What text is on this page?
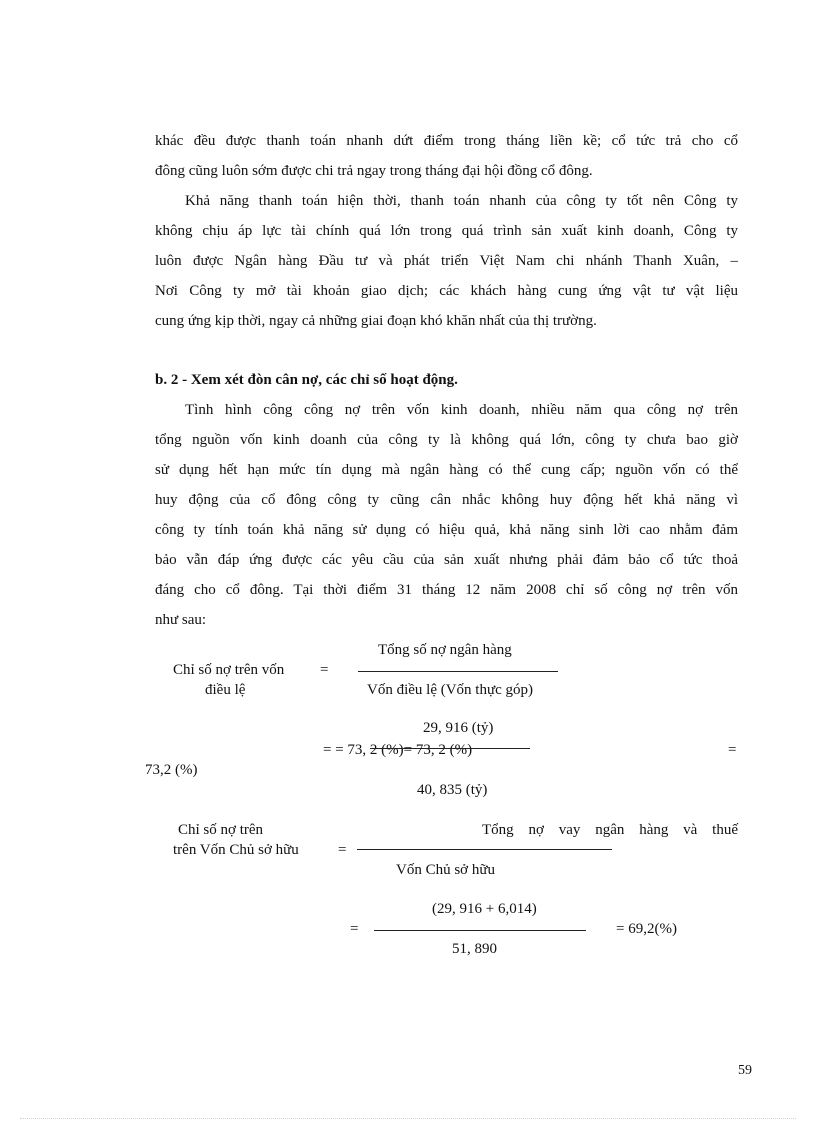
khác đều được thanh toán nhanh dứt điểm trong tháng liền kề; cổ tức trả cho cổ
đông cũng luôn sớm được chi trả ngay trong tháng đại hội đồng cổ đông.
Khả năng thanh toán hiện thời, thanh toán nhanh của công ty tốt nên Công ty
không chịu áp lực tài chính quá lớn trong quá trình sản xuất kinh doanh, Công ty
luôn được Ngân hàng Đầu tư và phát triển Việt Nam chi nhánh Thanh Xuân, –
Nơi Công ty mở tài khoản giao dịch; các khách hàng cung ứng vật tư vật liệu
cung ứng kịp thời, ngay cả những giai đoạn khó khăn nhất của thị trường.
b. 2 - Xem xét đòn cân nợ, các chỉ số hoạt động.
Tình hình công công nợ trên vốn kinh doanh, nhiều năm qua công nợ trên
tổng nguồn vốn kinh doanh của công ty là không quá lớn, công ty chưa bao giờ
sử dụng hết hạn mức tín dụng mà ngân hàng có thể cung cấp; nguồn vốn có thể
huy động của cổ đông công ty cũng cân nhắc không huy động hết khả năng vì
công ty tính toán khả năng sử dụng có hiệu quả, khả năng sinh lời cao nhằm đảm
bảo vẫn đáp ứng được các yêu cầu của sản xuất nhưng phải đảm bảo cổ tức thoả
đáng cho cổ đông. Tại thời điểm 31 tháng 12 năm 2008 chỉ số công nợ trên vốn
như sau:
Tổng số nợ ngân hàng
Chỉ số nợ trên vốn =
điều lệ	Vốn điều lệ (Vốn thực góp)
29, 916 (tỷ)
= = 73, 2 (%)= 73, 2 (%)	=
73,2 (%)
40, 835 (tỷ)
Chỉ số nợ trên	Tổng nợ vay ngân hàng và thuế
trên Vốn Chủ sở hữu	=
Vốn Chủ sở hữu
(29, 916 + 6,014)
=	= 69,2(%)
51, 890
59
